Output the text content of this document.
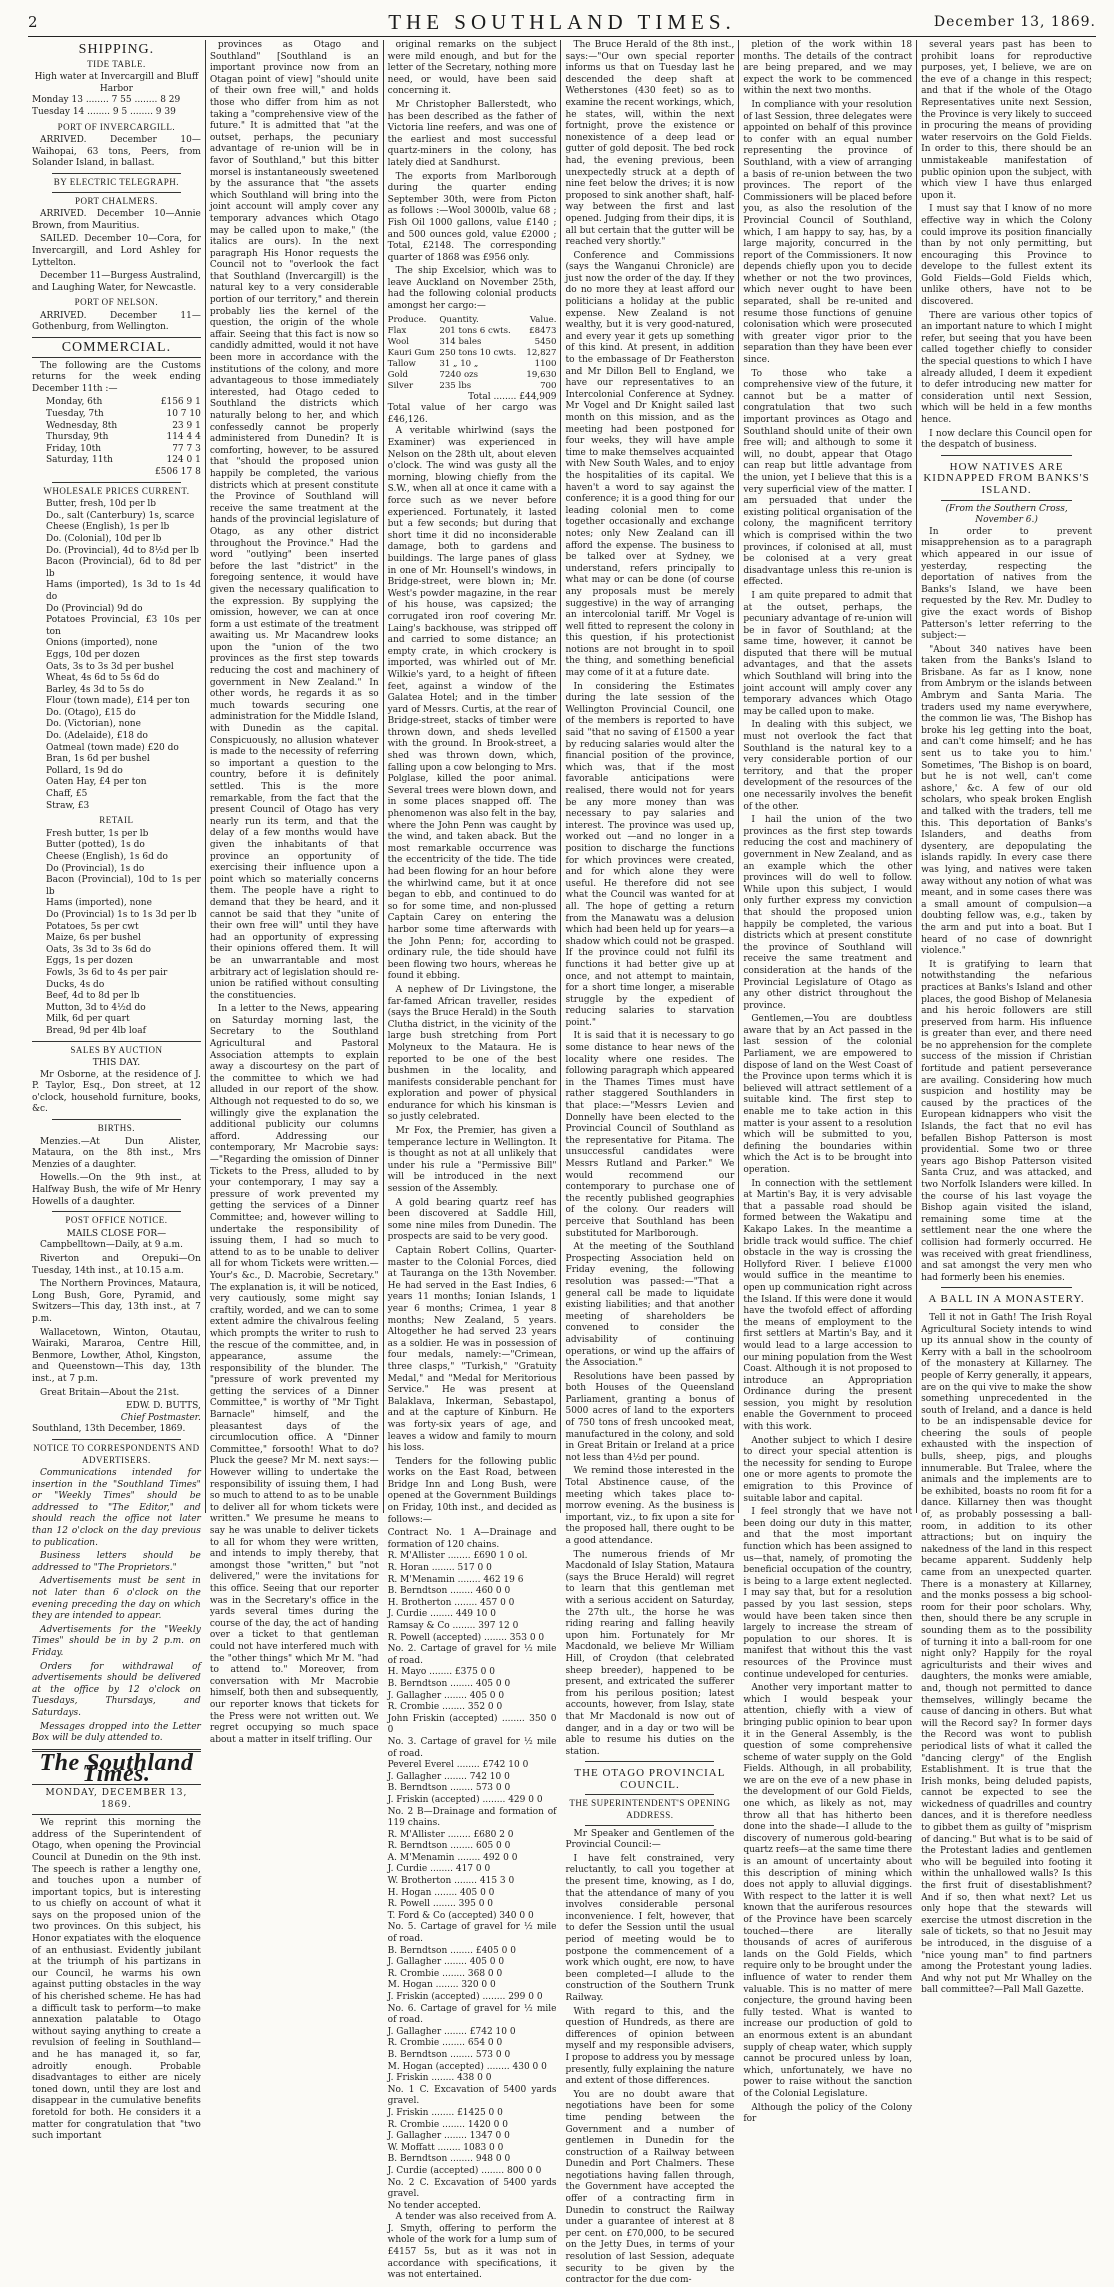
2	THE SOUTHLAND TIMES.	December 13, 1869.
SHIPPING.
TIDE TABLE.
High water at Invercargill and Bluff Harbor
Monday 13 ........ 7 55 ........ 8 29
Tuesday 14 ........ 9 5 ........ 9 39
PORT OF INVERCARGILL.

ARRIVED. December 10—Waihopai, 63 tons, Peers, from Solander Island, in ballast.

BY ELECTRIC TELEGRAPH.
PORT CHALMERS.

ARRIVED. December 10—Annie Brown, from Mauritius.

SAILED. December 10—Cora, for Invercargill, and Lord Ashley for Lyttelton.

December 11—Burgess Australind, and Laughing Water, for Newcastle.

PORT OF NELSON.

ARRIVED. December 11—Gothenburg, from Wellington.

COMMERCIAL.

The following are the Customs returns for the week ending December 11th :—

Monday, 6th	£156 9 1
Tuesday, 7th	10 7 10
Wednesday, 8th	23 9 1
Thursday, 9th	114 4 4
Friday, 10th	77 7 3
Saturday, 11th	124 0 1
£506 17 8
WHOLESALE PRICES CURRENT.
Butter, fresh, 10d per lb
Do., salt (Canterbury) 1s, scarce
Cheese (English), 1s per lb
Do. (Colonial), 10d per lb
Do. (Provincial), 4d to 8½d per lb
Bacon (Provincial), 6d to 8d per lb
Hams (imported), 1s 3d to 1s 4d do
Do (Provincial) 9d do
Potatoes Provincial, £3 10s per ton
Onions (imported), none
Eggs, 10d per dozen
Oats, 3s to 3s 3d per bushel
Wheat, 4s 6d to 5s 6d do
Barley, 4s 3d to 5s do
Flour (town made), £14 per ton
Do. (Otago), £15 do
Do. (Victorian), none
Do. (Adelaide), £18 do
Oatmeal (town made) £20 do
Bran, 1s 6d per bushel
Pollard, 1s 9d do
Oaten Hay, £4 per ton
Chaff, £5
Straw, £3
RETAIL
Fresh butter, 1s per lb
Butter (potted), 1s do
Cheese (English), 1s 6d do
Do (Provincial), 1s do
Bacon (Provincial), 10d to 1s per lb
Hams (imported), none
Do (Provincial) 1s to 1s 3d per lb
Potatoes, 5s per cwt
Maize, 6s per bushel
Oats, 3s 3d to 3s 6d do
Eggs, 1s per dozen
Fowls, 3s 6d to 4s per pair
Ducks, 4s do
Beef, 4d to 8d per lb
Mutton, 3d to 4½d do
Milk, 6d per quart
Bread, 9d per 4lb loaf
SALES BY AUCTION
THIS DAY.

Mr Osborne, at the residence of J. P. Taylor, Esq., Don street, at 12 o'clock, household furniture, books, &c.

BIRTHS.

Menzies.—At Dun Alister, Mataura, on the 8th inst., Mrs Menzies of a daughter.

Howells.—On the 9th inst., at Halfway Bush, the wife of Mr Henry Howells of a daughter.

POST OFFICE NOTICE.
MAILS CLOSE FOR—

Campbelltown—Daily, at 9 a.m.

Riverton and Orepuki—On Tuesday, 14th inst., at 10.15 a.m.

The Northern Provinces, Mataura, Long Bush, Gore, Pyramid, and Switzers—This day, 13th inst., at 7 p.m.

Wallacetown, Winton, Otautau, Wairaki, Mararoa, Centre Hill, Benmore, Lowther, Athol, Kingston, and Queenstown—This day, 13th inst., at 7 p.m.

Great Britain—About the 21st.

EDW. D. BUTTS,
Chief Postmaster.
Southland, 13th December, 1869.
NOTICE TO CORRESPONDENTS AND ADVERTISERS.

Communications intended for insertion in the "Southland Times" or "Weekly Times" should be addressed to "The Editor," and should reach the office not later than 12 o'clock on the day previous to publication.

Business letters should be addressed to "The Proprietors."

Advertisements must be sent in not later than 6 o'clock on the evening preceding the day on which they are intended to appear.

Advertisements for the "Weekly Times" should be in by 2 p.m. on Friday.

Orders for withdrawal of advertisements should be delivered at the office by 12 o'clock on Tuesdays, Thursdays, and Saturdays.

Messages dropped into the Letter Box will be duly attended to.

The Southland Times.
MONDAY, DECEMBER 13, 1869.

We reprint this morning the address of the Superintendent of Otago, when opening the Provincial Council at Dunedin on the 9th inst. The speech is rather a lengthy one, and touches upon a number of important topics, but is interesting to us chiefly on account of what it says on the proposed union of the two provinces. On this subject, his Honor expatiates with the eloquence of an enthusiast. Evidently jubilant at the triumph of his partizans in our Council, he warms his own against putting obstacles in the way of his cherished scheme. He has had a difficult task to perform—to make annexation palatable to Otago without saying anything to create a revulsion of feeling in Southland—and he has managed it, so far, adroitly enough. Probable disadvantages to either are nicely toned down, until they are lost and disappear in the cumulative benefits foretold for both. He considers it a matter for congratulation that "two such important

provinces as Otago and Southland" [Southland is an important province now from an Otagan point of view] "should unite of their own free will," and holds those who differ from him as not taking a "comprehensive view of the future." It is admitted that "at the outset, perhaps, the pecuniary advantage of re-union will be in favor of Southland," but this bitter morsel is instantaneously sweetened by the assurance that "the assets which Southland will bring into the joint account will amply cover any temporary advances which Otago may be called upon to make," (the italics are ours). In the next paragraph His Honor requests the Council not to "overlook the fact that Southland (Invercargill) is the natural key to a very considerable portion of our territory," and therein probably lies the kernel of the question, the origin of the whole affair. Seeing that this fact is now so candidly admitted, would it not have been more in accordance with the institutions of the colony, and more advantageous to those immediately interested, had Otago ceded to Southland the districts which naturally belong to her, and which confessedly cannot be properly administered from Dunedin? It is comforting, however, to be assured that "should the proposed union happily be completed, the various districts which at present constitute the Province of Southland will receive the same treatment at the hands of the provincial legislature of Otago, as any other district throughout the Province." Had the word "outlying" been inserted before the last "district" in the foregoing sentence, it would have given the necessary qualification to the expression. By supplying the omission, however, we can at once form a ust estimate of the treatment awaiting us. Mr Macandrew looks upon the "union of the two provinces as the first step towards reducing the cost and machinery of government in New Zealand." In other words, he regards it as so much towards securing one administration for the Middle Island, with Dunedin as the capital. Conspicuously, no allusion whatever is made to the necessity of referring so important a question to the country, before it is definitely settled. This is the more remarkable, from the fact that the present Council of Otago has very nearly run its term, and that the delay of a few months would have given the inhabitants of that province an opportunity of exercising their influence upon a point which so materially concerns them. The people have a right to demand that they be heard, and it cannot be said that they "unite of their own free will" until they have had an opportunity of expressing their opinions offered them. It will be an unwarrantable and most arbitrary act of legislation should re-union be ratified without consulting the constituencies.

In a letter to the News, appearing on Saturday morning last, the Secretary to the Southland Agricultural and Pastoral Association attempts to explain away a discourtesy on the part of the committee to which we had alluded in our report of the show. Although not requested to do so, we willingly give the explanation the additional publicity our columns afford. Addressing our contemporary, Mr Macrobie says: —"Regarding the omission of Dinner Tickets to the Press, alluded to by your contemporary, I may say a pressure of work prevented my getting the services of a Dinner Committee; and, however willing to undertake the responsibility of issuing them, I had so much to attend to as to be unable to deliver all for whom Tickets were written.—Your's &c., D. Macrobie, Secretary." The explanation is, it will be noticed, very cautiously, some might say craftily, worded, and we can to some extent admire the chivalrous feeling which prompts the writer to rush to the rescue of the committee, and, in appearance, assume the responsibility of the blunder. The "pressure of work prevented my getting the services of a Dinner Committee," is worthy of "Mr Tight Barnacle" himself, and the pleasantest days of the circumlocution office. A "Dinner Committee," forsooth! What to do? Pluck the geese? Mr M. next says:—However willing to undertake the responsibility of issuing them, I had so much to attend to as to be unable to deliver all for whom tickets were written." We presume he means to say he was unable to deliver tickets to all for whom they were written, and intends to imply thereby, that amongst those "written," but "not delivered," were the invitations for this office. Seeing that our reporter was in the Secretary's office in the yards several times during the course of the day, the act of handing over a ticket to that gentleman could not have interfered much with the "other things" which Mr M. "had to attend to." Moreover, from conversation with Mr Macrobie himself, both then and subsequently, our reporter knows that tickets for the Press were not written out. We regret occupying so much space about a matter in itself trifling. Our

original remarks on the subject were mild enough, and but for the letter of the Secretary, nothing more need, or would, have been said concerning it.

Mr Christopher Ballerstedt, who has been described as the father of Victoria line reefers, and was one of the earliest and most successful quartz-miners in the colony, has lately died at Sandhurst.

The exports from Marlborough during the quarter ending September 30th, were from Picton as follows :—Wool 3000lb, value 68 ; Fish Oil 1000 gallons, value £140 ; and 500 ounces gold, value £2000 ; Total, £2148. The corresponding quarter of 1868 was £956 only.

The ship Excelsior, which was to leave Auckland on November 25th, had the following colonial products amongst her cargo:—

Produce.	Quantity.	Value.
Flax	201 tons 6 cwts.	£8473
Wool	314 bales	5450
Kauri Gum	250 tons 10 cwts.	12,827
Tallow	31 „ 10 „	1100
Gold	7240 ozs	19,630
Silver	235 lbs	700
Total ........ £44,909
Total value of her cargo was £46,126.

A veritable whirlwind (says the Examiner) was experienced in Nelson on the 28th ult, about eleven o'clock. The wind was gusty all the morning, blowing chiefly from the S.W., when all at once it came with a force such as we never before experienced. Fortunately, it lasted but a few seconds; but during that short time it did no inconsiderable damage, both to gardens and buildings. The large panes of glass in one of Mr. Hounsell's windows, in Bridge-street, were blown in; Mr. West's powder magazine, in the rear of his house, was capsized; the corrugated iron roof covering Mr. Laing's backhouse, was stripped off and carried to some distance; an empty crate, in which crockery is imported, was whirled out of Mr. Wilkie's yard, to a height of fifteen feet, against a window of the Galatea Hotel; and in the timber yard of Messrs. Curtis, at the rear of Bridge-street, stacks of timber were thrown down, and sheds levelled with the ground. In Brook-street, a shed was thrown down, which, falling upon a cow belonging to Mrs. Polglase, killed the poor animal. Several trees were blown down, and in some places snapped off. The phenomenon was also felt in the bay, where the John Penn was caught by the wind, and taken aback. But the most remarkable occurrence was the eccentricity of the tide. The tide had been flowing for an hour before the whirlwind came, but it at once began to ebb, and continued to do so for some time, and non-plussed Captain Carey on entering the harbor some time afterwards with the John Penn; for, according to ordinary rule, the tide should have been flowing two hours, whereas he found it ebbing.

A nephew of Dr Livingstone, the far-famed African traveller, resides (says the Bruce Herald) in the South Clutha district, in the vicinity of the large bush stretching from Port Molyneux to the Mataura. He is reported to be one of the best bushmen in the locality, and manifests considerable penchant for exploration and power of physical endurance for which his kinsman is so justly celebrated.

Mr Fox, the Premier, has given a temperance lecture in Wellington. It is thought as not at all unlikely that under his rule a "Permissive Bill" will be introduced in the next session of the Assembly.

A gold bearing quartz reef has been discovered at Saddle Hill, some nine miles from Dunedin. The prospects are said to be very good.

Captain Robert Collins, Quarter-master to the Colonial Forces, died at Tauranga on the 13th November. He had served in the East Indies, 6 years 11 months; Ionian Islands, 1 year 6 months; Crimea, 1 year 8 months; New Zealand, 5 years. Altogether he had served 23 years as a soldier. He was in possession of four medals, namely:—"Crimean, three clasps," "Turkish," "Gratuity Medal," and "Medal for Meritorious Service." He was present at Balaklava, Inkerman, Sebastapol, and at the capture of Kinburn. He was forty-six years of age, and leaves a widow and family to mourn his loss.

Tenders for the following public works on the East Road, between Bridge Inn and Long Bush, were opened at the Government Buildings on Friday, 10th inst., and decided as follows:—

Contract No. 1 A—Drainage and formation of 120 chains.
R. M'Allister ........ £690 1 0 ol.
R. Horan ........ 517 0 0
R. M'Menamin ........ 462 19 6
B. Berndtson ........ 460 0 0
H. Brotherton ........ 457 0 0
J. Curdie ........ 449 10 0
Ramsay & Co ........ 397 12 0
R. Powell (accepted) ........ 353 0 0
No. 2. Cartage of gravel for ½ mile of road.
H. Mayo ........ £375 0 0
B. Berndtson ........ 405 0 0
J. Gallagher ........ 405 0 0
R. Crombie ........ 352 0 0
John Friskin (accepted) ........ 350 0 0
No. 3. Cartage of gravel for ½ mile of road.
Peverel Everel ........ £742 10 0
J. Gallagher ........ 742 10 0
B. Berndtson ........ 573 0 0
J. Friskin (accepted) ........ 429 0 0
No. 2 B—Drainage and formation of 119 chains.
R. M'Allister ........ £680 2 0
R. Berndtson ........ 605 0 0
A. M'Menamin ........ 492 0 0
J. Curdie ........ 417 0 0
W. Brotherton ........ 415 3 0
H. Hogan ........ 405 0 0
R. Powell ........ 395 0 0
T. Ford & Co (accepted) 340 0 0
No. 5. Cartage of gravel for ½ mile of road.
B. Berndtson ........ £405 0 0
J. Gallagher ........ 405 0 0
R. Crombie ........ 368 0 0
M. Hogan ........ 320 0 0
J. Friskin (accepted) ........ 299 0 0
No. 6. Cartage of gravel for ½ mile of road.
J. Gallagher ........ £742 10 0
R. Crombie ........ 654 0 0
B. Berndtson ........ 573 0 0
M. Hogan (accepted) ........ 430 0 0
J. Friskin ........ 438 0 0
No. 1 C. Excavation of 5400 yards gravel.
J. Friskin ........ £1425 0 0
R. Crombie ........ 1420 0 0
J. Gallagher ........ 1347 0 0
W. Moffatt ........ 1083 0 0
B. Berndtson ........ 948 0 0
J. Curdie (accepted) ........ 800 0 0
No. 2 C. Excavation of 5400 yards gravel.
No tender accepted.

A tender was also received from A. J. Smyth, offering to perform the whole of the work for a lump sum of £4157 5s, but as it was not in accordance with specifications, it was not entertained.

The Bruce Herald of the 8th inst., says:—"Our own special reporter informs us that on Tuesday last he descended the deep shaft at Wetherstones (430 feet) so as to examine the recent workings, which, he states, will, within the next fortnight, prove the existence or nonexistence of a deep lead or gutter of gold deposit. The bed rock had, the evening previous, been unexpectedly struck at a depth of nine feet below the drives; it is now proposed to sink another shaft, half-way between the first and last opened. Judging from their dips, it is all but certain that the gutter will be reached very shortly."

Conference and Commissions (says the Wanganui Chronicle) are just now the order of the day. If they do no more they at least afford our politicians a holiday at the public expense. New Zealand is not wealthy, but it is very good-natured, and every year it gets up something of this kind. At present, in addition to the embassage of Dr Featherston and Mr Dillon Bell to England, we have our representatives to an Intercolonial Conference at Sydney. Mr Vogel and Dr Knight sailed last month on this mission, and as the meeting had been postponed for four weeks, they will have ample time to make themselves acquainted with New South Wales, and to enjoy the hospitalities of its capital. We haven't a word to say against the conference; it is a good thing for our leading colonial men to come together occasionally and exchange notes; only New Zealand can ill afford the expense. The business to be talked over at Sydney, we understand, refers principally to what may or can be done (of course any proposals must be merely suggestive) in the way of arranging an intercolonial tariff. Mr Vogel is well fitted to represent the colony in this question, if his protectionist notions are not brought in to spoil the thing, and something beneficial may come of it at a future date.

In considering the Estimates during the late session of the Wellington Provincial Council, one of the members is reported to have said "that no saving of £1500 a year by reducing salaries would alter the financial position of the province, which was, that if the most favorable anticipations were realised, there would not for years be any more money than was necessary to pay salaries and interest. The province was used up, worked out —and no longer in a position to discharge the functions for which provinces were created, and for which alone they were useful. He therefore did not see what the Council was wanted for at all. The hope of getting a return from the Manawatu was a delusion which had been held up for years—a shadow which could not be grasped. If the province could not fulfil its functions it had better give up at once, and not attempt to maintain, for a short time longer, a miserable struggle by the expedient of reducing salaries to starvation point."

It is said that it is necessary to go some distance to hear news of the locality where one resides. The following paragraph which appeared in the Thames Times must have rather staggered Southlanders in that place:—"Messrs Levien and Donnelly have been elected to the Provincial Council of Southland as the representative for Pitama. The unsuccessful candidates were Messrs Rutland and Parker." We would recommend our contemporary to purchase one of the recently published geographies of the colony. Our readers will perceive that Southland has been substituted for Marlborough.

At the meeting of the Southland Prospecting Association held on Friday evening, the following resolution was passed:—"That a general call be made to liquidate existing liabilities; and that another meeting of shareholders be convened to consider the advisability of continuing operations, or wind up the affairs of the Association."

Resolutions have been passed by both Houses of the Queensland Parliament, granting a bonus of 5000 acres of land to the exporters of 750 tons of fresh uncooked meat, manufactured in the colony, and sold in Great Britain or Ireland at a price not less than 4½d per pound.

We remind those interested in the Total Abstinence cause, of the meeting which takes place to-morrow evening. As the business is important, viz., to fix upon a site for the proposed hall, there ought to be a good attendance.

The numerous friends of Mr Macdonald of Islay Station, Mataura (says the Bruce Herald) will regret to learn that this gentleman met with a serious accident on Saturday, the 27th ult., the horse he was riding rearing and falling heavily upon him. Fortunately for Mr Macdonald, we believe Mr William Hill, of Croydon (that celebrated sheep breeder), happened to be present, and extricated the sufferer from his perilous position; latest accounts, however, from Islay, state that Mr Macdonald is now out of danger, and in a day or two will be able to resume his duties on the station.

THE OTAGO PROVINCIAL COUNCIL.
THE SUPERINTENDENT'S OPENING ADDRESS.

Mr Speaker and Gentlemen of the Provincial Council:—

I have felt constrained, very reluctantly, to call you together at the present time, knowing, as I do, that the attendance of many of you involves considerable personal inconvenience. I felt, however, that to defer the Session until the usual period of meeting would be to postpone the commencement of a work which ought, ere now, to have been completed—I allude to the construction of the Southern Trunk Railway.

With regard to this, and the question of Hundreds, as there are differences of opinion between myself and my responsible advisers, I propose to address you by message presently, fully explaining the nature and extent of those differences.

You are no doubt aware that negotiations have been for some time pending between the Government and a number of gentlemen in Dunedin for the construction of a Railway between Dunedin and Port Chalmers. These negotiations having fallen through, the Government have accepted the offer of a contracting firm in Dunedin to construct the Railway under a guarantee of interest at 8 per cent. on £70,000, to be secured on the Jetty Dues, in terms of your resolution of last Session, adequate security to be given by the contractor for the due com-

pletion of the work within 18 months. The details of the contract are being prepared, and we may expect the work to be commenced within the next two months.

In compliance with your resolution of last Session, three delegates were appointed on behalf of this province to confer with an equal number representing the province of Southland, with a view of arranging a basis of re-union between the two provinces. The report of the Commissioners will be placed before you, as also the resolution of the Provincial Council of Southland, which, I am happy to say, has, by a large majority, concurred in the report of the Commissioners. It now depends chiefly upon you to decide whether or not the two provinces, which never ought to have been separated, shall be re-united and resume those functions of genuine colonisation which were prosecuted with greater vigor prior to the separation than they have been ever since.

To those who take a comprehensive view of the future, it cannot but be a matter of congratulation that two such important provinces as Otago and Southland should unite of their own free will; and although to some it will, no doubt, appear that Otago can reap but little advantage from the union, yet I believe that this is a very superficial view of the matter. I am persuaded that under the existing political organisation of the colony, the magnificent territory which is comprised within the two provinces, if colonised at all, must be colonised at a very great disadvantage unless this re-union is effected.

I am quite prepared to admit that at the outset, perhaps, the pecuniary advantage of re-union will be in favor of Southland; at the same time, however, it cannot be disputed that there will be mutual advantages, and that the assets which Southland will bring into the joint account will amply cover any temporary advances which Otago may be called upon to make.

In dealing with this subject, we must not overlook the fact that Southland is the natural key to a very considerable portion of our territory, and that the proper development of the resources of the one necessarily involves the benefit of the other.

I hail the union of the two provinces as the first step towards reducing the cost and machinery of government in New Zealand, and as an example which the other provinces will do well to follow. While upon this subject, I would only further express my conviction that should the proposed union happily be completed, the various districts which at present constitute the province of Southland will receive the same treatment and consideration at the hands of the Provincial Legislature of Otago as any other district throughout the province.

Gentlemen,—You are doubtless aware that by an Act passed in the last session of the colonial Parliament, we are empowered to dispose of land on the West Coast of the Province upon terms which it is believed will attract settlement of a suitable kind. The first step to enable me to take action in this matter is your assent to a resolution which will be submitted to you, defining the boundaries within which the Act is to be brought into operation.

In connection with the settlement at Martin's Bay, it is very advisable that a passable road should be formed between the Wakatipu and Kakapo Lakes. In the meantime a bridle track would suffice. The chief obstacle in the way is crossing the Hollyford River. I believe £1000 would suffice in the meantime to open up communication right across the Island. If this were done it would have the twofold effect of affording the means of employment to the first settlers at Martin's Bay, and it would lead to a large accession to our mining population from the West Coast. Although it is not proposed to introduce an Appropriation Ordinance during the present session, you might by resolution enable the Government to proceed with this work.

Another subject to which I desire to direct your special attention is the necessity for sending to Europe one or more agents to promote the emigration to this Province of suitable labor and capital.

I feel strongly that we have not been doing our duty in this matter, and that the most important function which has been assigned to us—that, namely, of promoting the beneficial occupation of the country, is being to a large extent neglected. I may say that, but for a resolution passed by you last session, steps would have been taken since then largely to increase the stream of population to our shores. It is manifest that without this the vast resources of the Province must continue undeveloped for centuries.

Another very important matter to which I would bespeak your attention, chiefly with a view of bringing public opinion to bear upon it in the General Assembly, is the question of some comprehensive scheme of water supply on the Gold Fields. Although, in all probability, we are on the eve of a new phase in the development of our Gold Fields, one which, as likely as not, may throw all that has hitherto been done into the shade—I allude to the discovery of numerous gold-bearing quartz reefs—at the same time there is an amount of uncertainty about this description of mining which does not apply to alluvial diggings. With respect to the latter it is well known that the auriferous resources of the Province have been scarcely touched—there are literally thousands of acres of auriferous lands on the Gold Fields, which require only to be brought under the influence of water to render them valuable. This is no matter of mere conjecture, the ground having been fully tested. What is wanted to increase our production of gold to an enormous extent is an abundant supply of cheap water, which supply cannot be procured unless by loan, which, unfortunately, we have no power to raise without the sanction of the Colonial Legislature.

Although the policy of the Colony for

several years past has been to prohibit loans for reproductive purposes, yet, I believe, we are on the eve of a change in this respect; and that if the whole of the Otago Representatives unite next Session, the Province is very likely to succeed in procuring the means of providing water reservoirs on the Gold Fields. In order to this, there should be an unmistakeable manifestation of public opinion upon the subject, with which view I have thus enlarged upon it.

I must say that I know of no more effective way in which the Colony could improve its position financially than by not only permitting, but encouraging this Province to develope to the fullest extent its Gold Fields—Gold Fields which, unlike others, have not to be discovered.

There are various other topics of an important nature to which I might refer, but seeing that you have been called together chiefly to consider the special questions to which I have already alluded, I deem it expedient to defer introducing new matter for consideration until next Session, which will be held in a few months hence.

I now declare this Council open for the despatch of business.

HOW NATIVES ARE KIDNAPPED FROM BANKS'S ISLAND.
(From the Southern Cross, November 6.)

In order to prevent misapprehension as to a paragraph which appeared in our issue of yesterday, respecting the deportation of natives from the Banks's Island, we have been requested by the Rev. Mr. Dudley to give the exact words of Bishop Patterson's letter referring to the subject:—

"About 340 natives have been taken from the Banks's Island to Brisbane. As far as I know, none from Ambrym or the islands between Ambrym and Santa Maria. The traders used my name everywhere, the common lie was, 'The Bishop has broke his leg getting into the boat, and can't come himself; and he has sent us to take you to him.' Sometimes, 'The Bishop is on board, but he is not well, can't come ashore,' &c. A few of our old scholars, who speak broken English and talked with the traders, tell me this. This deportation of Banks's Islanders, and deaths from dysentery, are depopulating the islands rapidly. In every case there was lying, and natives were taken away without any notion of what was meant, and in some cases there was a small amount of compulsion—a doubting fellow was, e.g., taken by the arm and put into a boat. But I heard of no case of downright violence."

It is gratifying to learn that notwithstanding the nefarious practices at Banks's Island and other places, the good Bishop of Melanesia and his heroic followers are still preserved from harm. His influence is greater than ever, and there need be no apprehension for the complete success of the mission if Christian fortitude and patient perseverance are availing. Considering how much suspicion and hostility may be caused by the practices of the European kidnappers who visit the Islands, the fact that no evil has befallen Bishop Patterson is most providential. Some two or three years ago Bishop Patterson visited Santa Cruz, and was attacked, and two Norfolk Islanders were killed. In the course of his last voyage the Bishop again visited the island, remaining some time at the settlement near the one where the collision had formerly occurred. He was received with great friendliness, and sat amongst the very men who had formerly been his enemies.

A BALL IN A MONASTERY.

Tell it not in Gath! The Irish Royal Agricultural Society intends to wind up its annual show in the county of Kerry with a ball in the schoolroom of the monastery at Killarney. The people of Kerry generally, it appears, are on the qui vive to make the show something unprecedented in the south of Ireland, and a dance is held to be an indispensable device for cheering the souls of people exhausted with the inspection of bulls, sheep, pigs, and ploughs innumerable. But Tralee, where the animals and the implements are to be exhibited, boasts no room fit for a dance. Killarney then was thought of, as probably possessing a ball-room, in addition to its other attractions; but on inquiry the nakedness of the land in this respect became apparent. Suddenly help came from an unexpected quarter. There is a monastery at Killarney, and the monks possess a big school-room for their poor scholars. Why, then, should there be any scruple in sounding them as to the possibility of turning it into a ball-room for one night only? Happily for the royal agriculturists and their wives and daughters, the monks were amiable, and, though not permitted to dance themselves, willingly became the cause of dancing in others. But what will the Record say? In former days the Record was wont to publish periodical lists of what it called the "dancing clergy" of the English Establishment. It is true that the Irish monks, being deluded papists, cannot be expected to see the wickedness of quadrilles and country dances, and it is therefore needless to gibbet them as guilty of "misprism of dancing." But what is to be said of the Protestant ladies and gentlemen who will be beguiled into footing it within the unhallowed walls? Is this the first fruit of disestablishment? And if so, then what next? Let us only hope that the stewards will exercise the utmost discretion in the sale of tickets, so that no Jesuit may be introduced, in the disguise of a "nice young man" to find partners among the Protestant young ladies. And why not put Mr Whalley on the ball committee?—Pall Mall Gazette.
